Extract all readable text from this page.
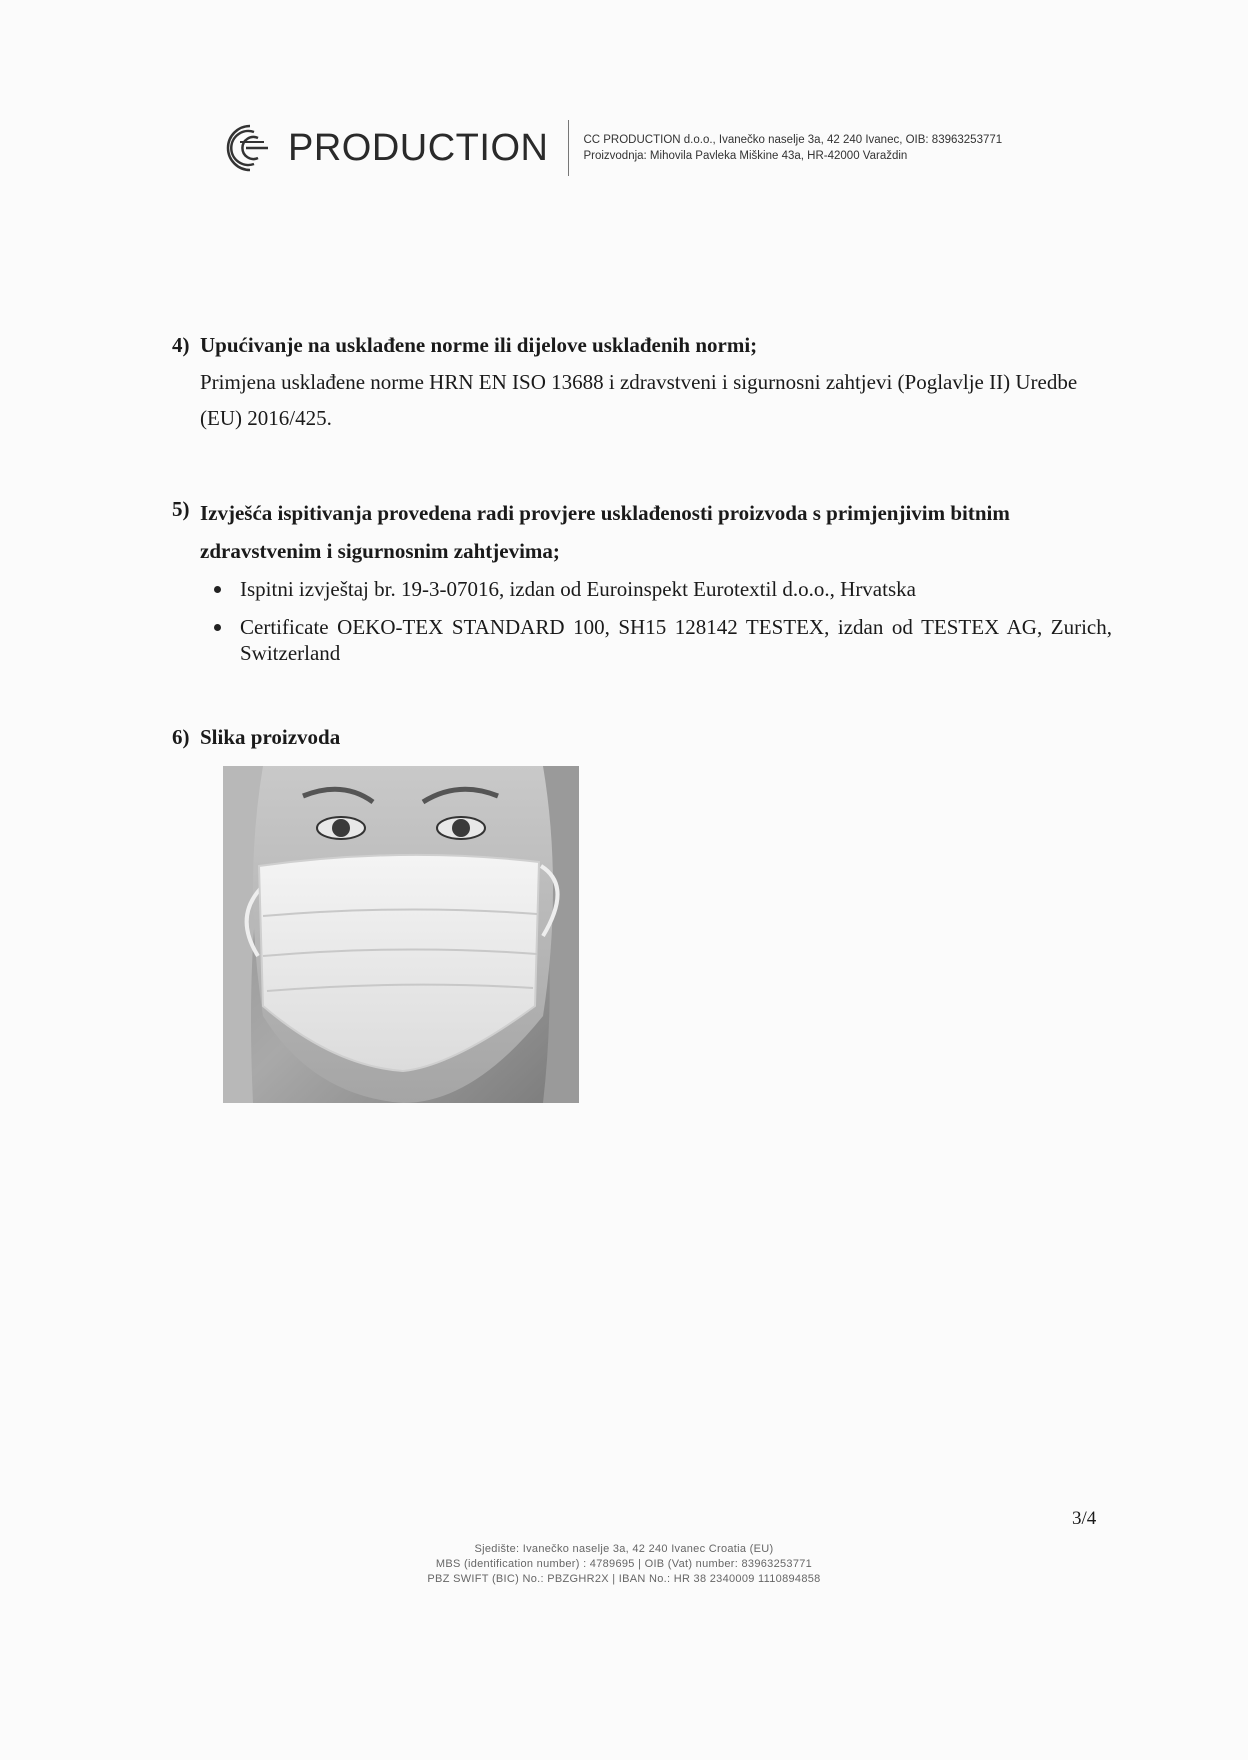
PRODUCTION	CC PRODUCTION d.o.o., Ivanečko naselje 3a, 42 240 Ivanec, OIB: 83963253771
Proizvodnja: Mihovila Pavleka Miškine 43a, HR-42000 Varaždin
4) Upućivanje na usklađene norme ili dijelove usklađenih normi;
Primjena usklađene norme HRN EN ISO 13688 i zdravstveni i sigurnosni zahtjevi (Poglavlje II) Uredbe (EU) 2016/425.
5) Izvješća ispitivanja provedena radi provjere usklađenosti proizvoda s primjenjivim bitnim zdravstvenim i sigurnosnim zahtjevima;
Ispitni izvještaj br. 19-3-07016, izdan od Euroinspekt Eurotextil d.o.o., Hrvatska
Certificate OEKO-TEX STANDARD 100, SH15 128142 TESTEX, izdan od TESTEX AG, Zurich, Switzerland
6) Slika proizvoda
3/4
Sjedište: Ivanečko naselje 3a, 42 240 Ivanec Croatia (EU)
MBS (identification number) : 4789695 | OIB (Vat) number: 83963253771
PBZ SWIFT (BIC) No.: PBZGHR2X | IBAN No.: HR 38 2340009 1110894858
